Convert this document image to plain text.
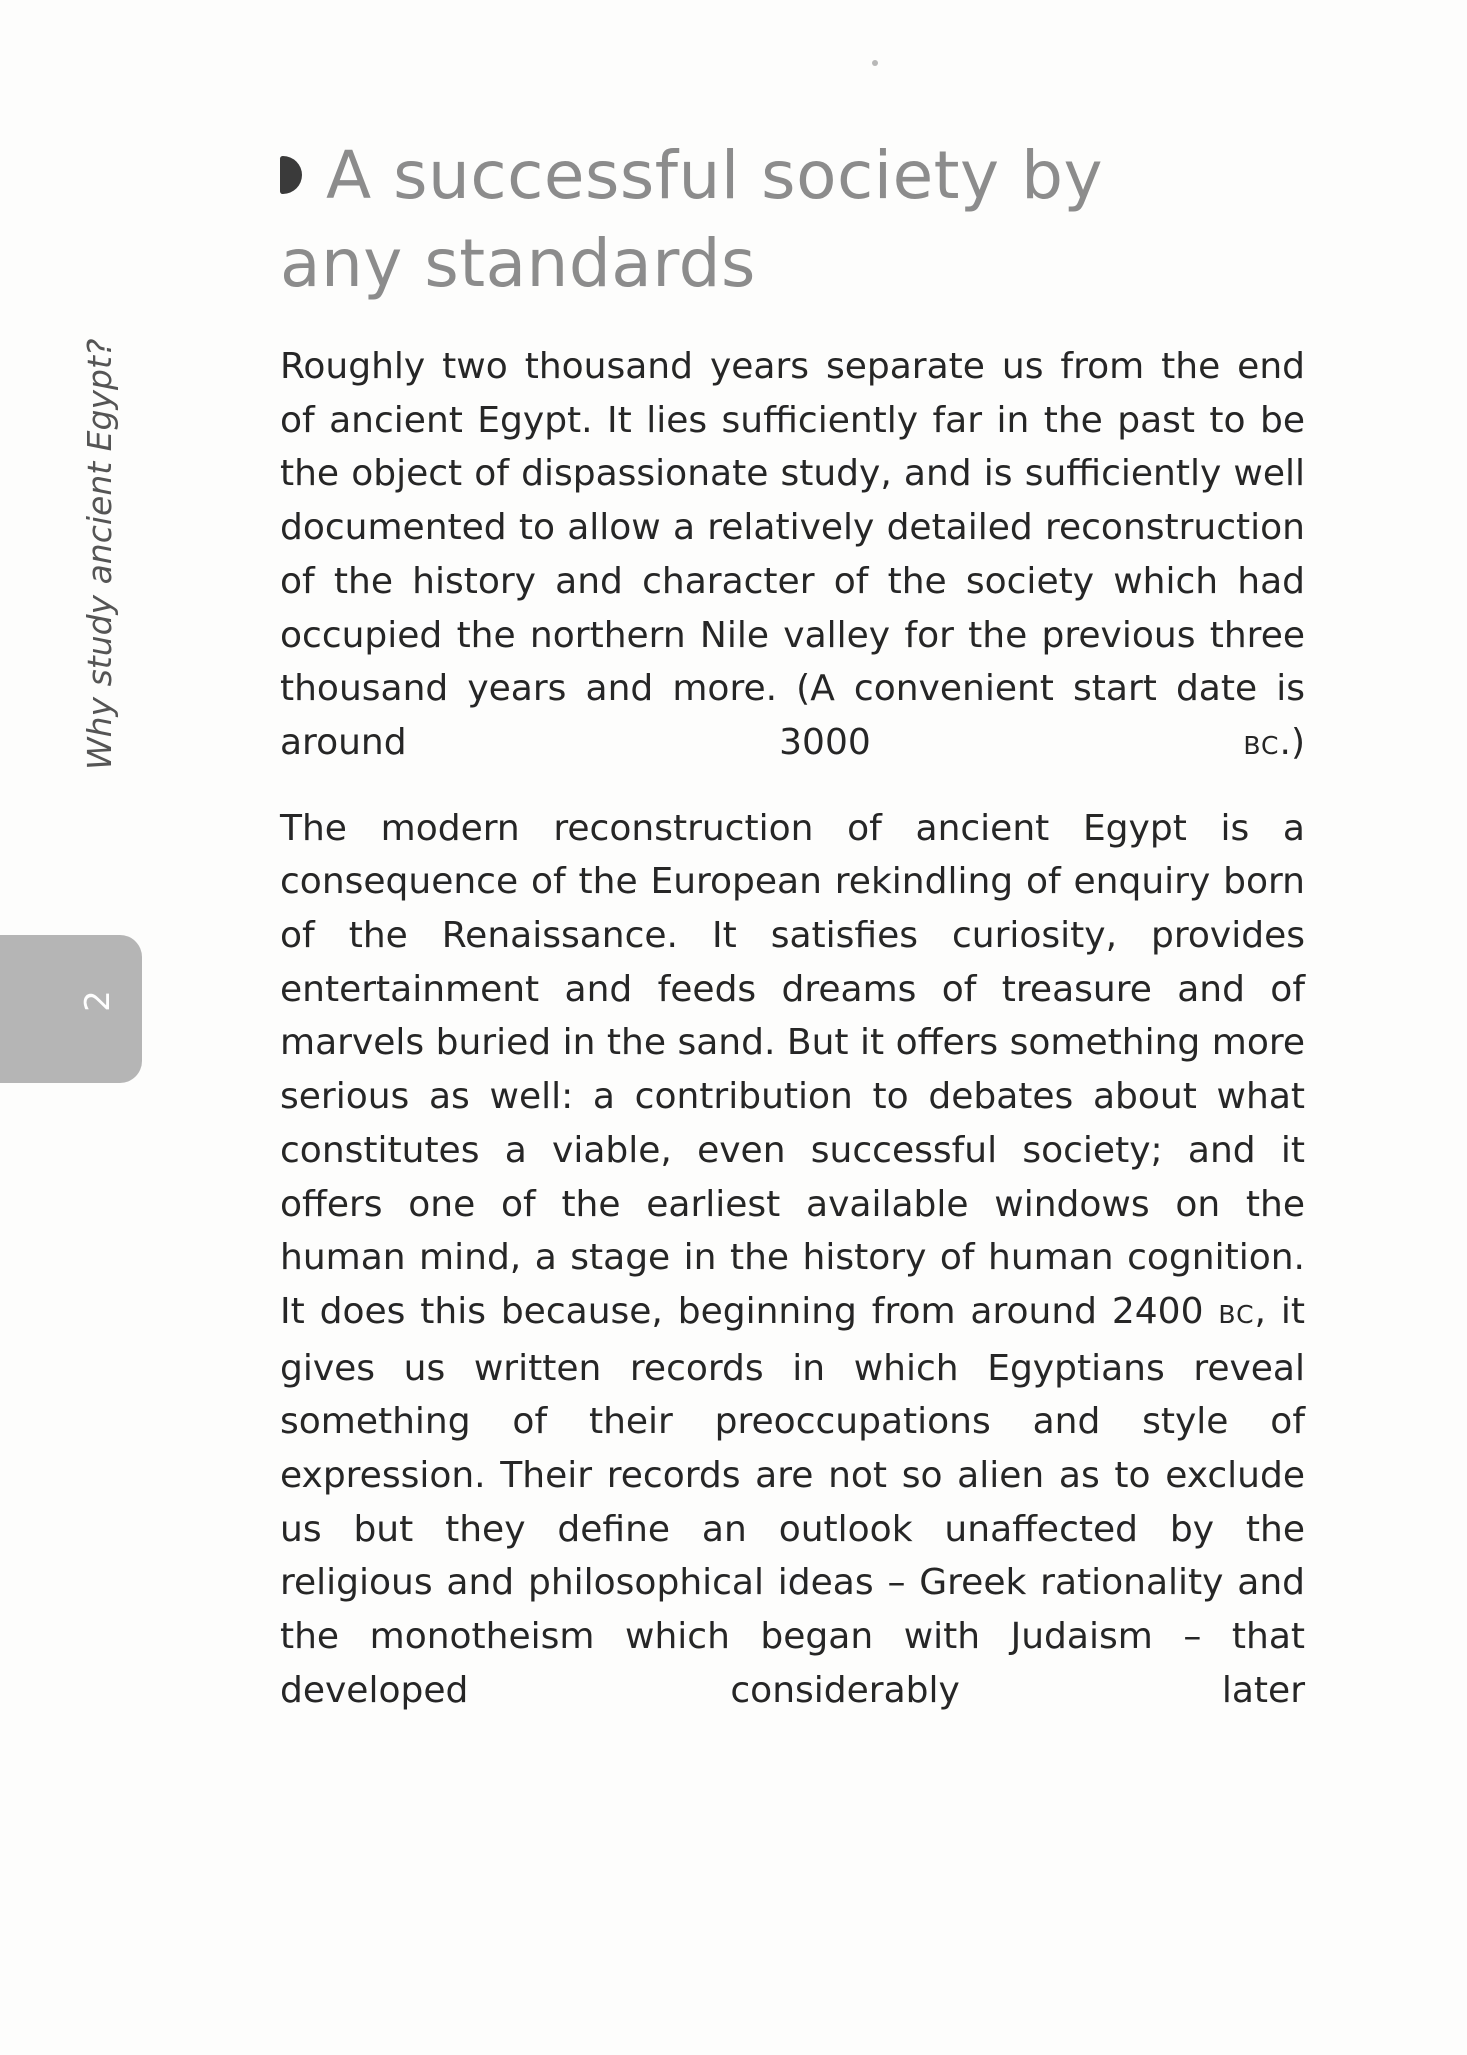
2
Why study ancient Egypt?
A successful society by
any standards

Roughly two thousand years separate us from the end of ancient Egypt. It lies sufficiently far in the past to be the object of dispassionate study, and is sufficiently well documented to allow a relatively detailed reconstruction of the history and character of the society which had occupied the northern Nile valley for the previous three thousand years and more. (A convenient start date is around 3000 BC.)

The modern reconstruction of ancient Egypt is a consequence of the European rekindling of enquiry born of the Renaissance. It satisfies curiosity, provides entertainment and feeds dreams of treasure and of marvels buried in the sand. But it offers something more serious as well: a contribution to debates about what constitutes a viable, even successful society; and it offers one of the earliest available windows on the human mind, a stage in the history of human cognition. It does this because, beginning from around 2400 BC, it gives us written records in which Egyptians reveal something of their preoccupations and style of expression. Their records are not so alien as to exclude us but they define an outlook unaffected by the religious and philosophical ideas – Greek rationality and the monotheism which began with Judaism – that developed considerably later
